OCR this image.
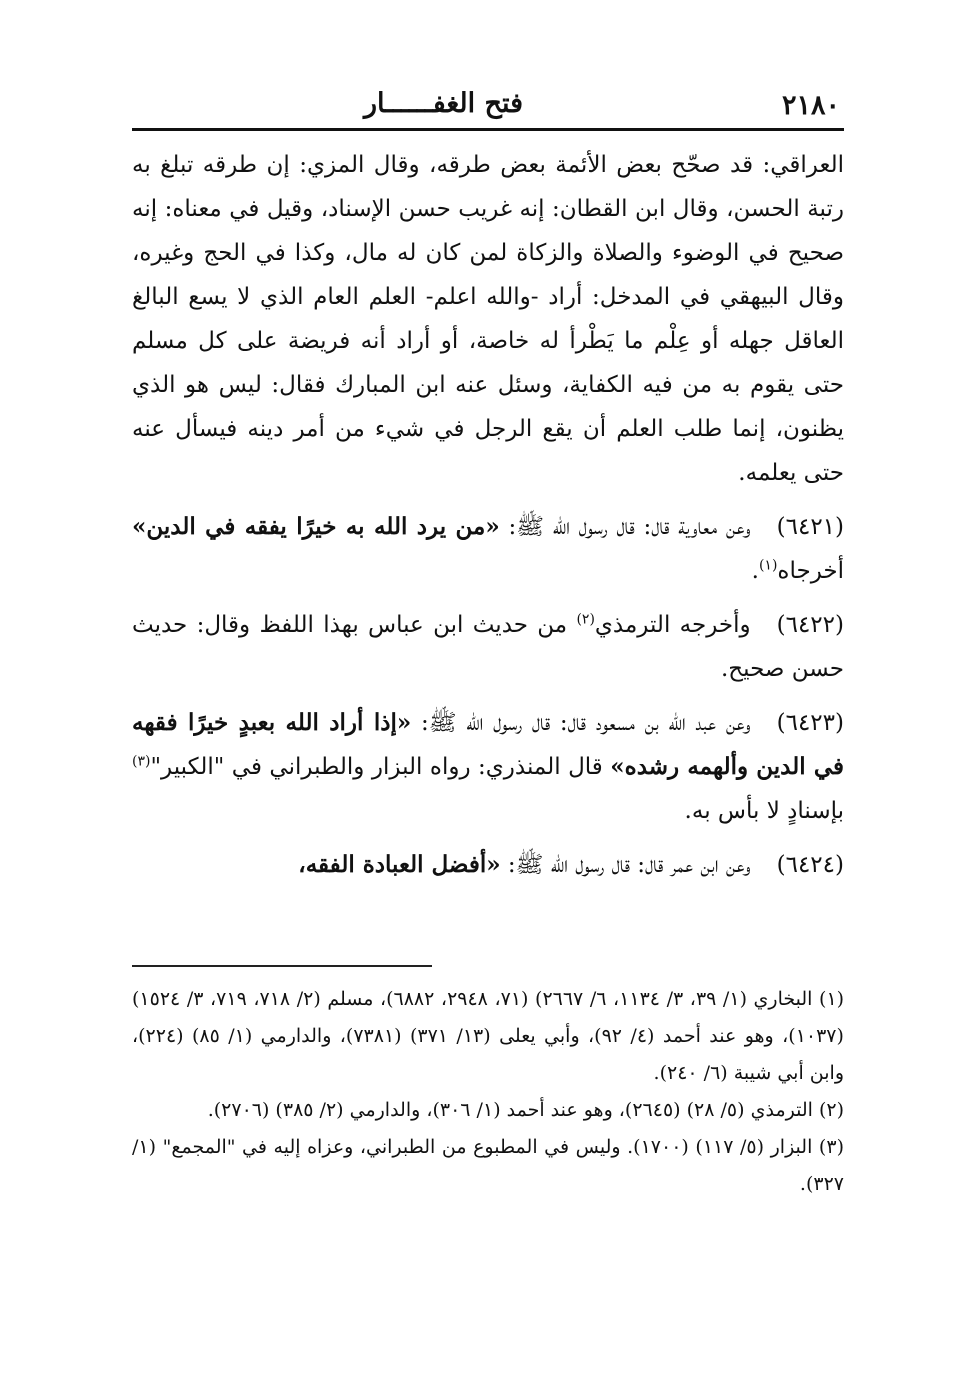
٢١٨٠
فتح الغفــــــار

العراقي: قد صحّح بعض الأئمة بعض طرقه، وقال المزي: إن طرقه تبلغ به رتبة الحسن، وقال ابن القطان: إنه غريب حسن الإسناد، وقيل في معناه: إنه صحيح في الوضوء والصلاة والزكاة لمن كان له مال، وكذا في الحج وغيره، وقال البيهقي في المدخل: أراد -والله اعلم- العلم العام الذي لا يسع البالغ العاقل جهله أو عِلْم ما يَطْرأ له خاصة، أو أراد أنه فريضة على كل مسلم حتى يقوم به من فيه الكفاية، وسئل عنه ابن المبارك فقال: ليس هو الذي يظنون، إنما طلب العلم أن يقع الرجل في شيء من أمر دينه فيسأل عنه حتى يعلمه.

(٦٤٢١)وعن معاوية قال: قال رسول الله ﷺ: «من يرد الله به خيرًا يفقه في الدين» أخرجاه$^{(١)}$.

(٦٤٢٢)وأخرجه الترمذي$^{(٢)}$ من حديث ابن عباس بهذا اللفظ وقال: حديث حسن صحيح.

(٦٤٢٣)وعن عبد الله بن مسعود قال: قال رسول الله ﷺ: «إذا أراد الله بعبدٍ خيرًا فقهه في الدين وألهمه رشده» قال المنذري: رواه البزار والطبراني في "الكبير"$^{(٣)}$ بإسنادٍ لا بأس به.

(٦٤٢٤)وعن ابن عمر قال: قال رسول الله ﷺ: «أفضل العبادة الفقه،

(١) البخاري (١/ ٣٩، ٣/ ١١٣٤، ٦/ ٢٦٦٧) (٧١، ٢٩٤٨، ٦٨٨٢)، مسلم (٢/ ٧١٨، ٧١٩، ٣/ ١٥٢٤) (١٠٣٧)، وهو عند أحمد (٤/ ٩٢)، وأبي يعلى (١٣/ ٣٧١) (٧٣٨١)، والدارمي (١/ ٨٥) (٢٢٤)، وابن أبي شيبة (٦/ ٢٤٠).

(٢) الترمذي (٥/ ٢٨) (٢٦٤٥)، وهو عند أحمد (١/ ٣٠٦)، والدارمي (٢/ ٣٨٥) (٢٧٠٦).

(٣) البزار (٥/ ١١٧) (١٧٠٠). وليس في المطبوع من الطبراني، وعزاه إليه في "المجمع" (١/ ٣٢٧).
